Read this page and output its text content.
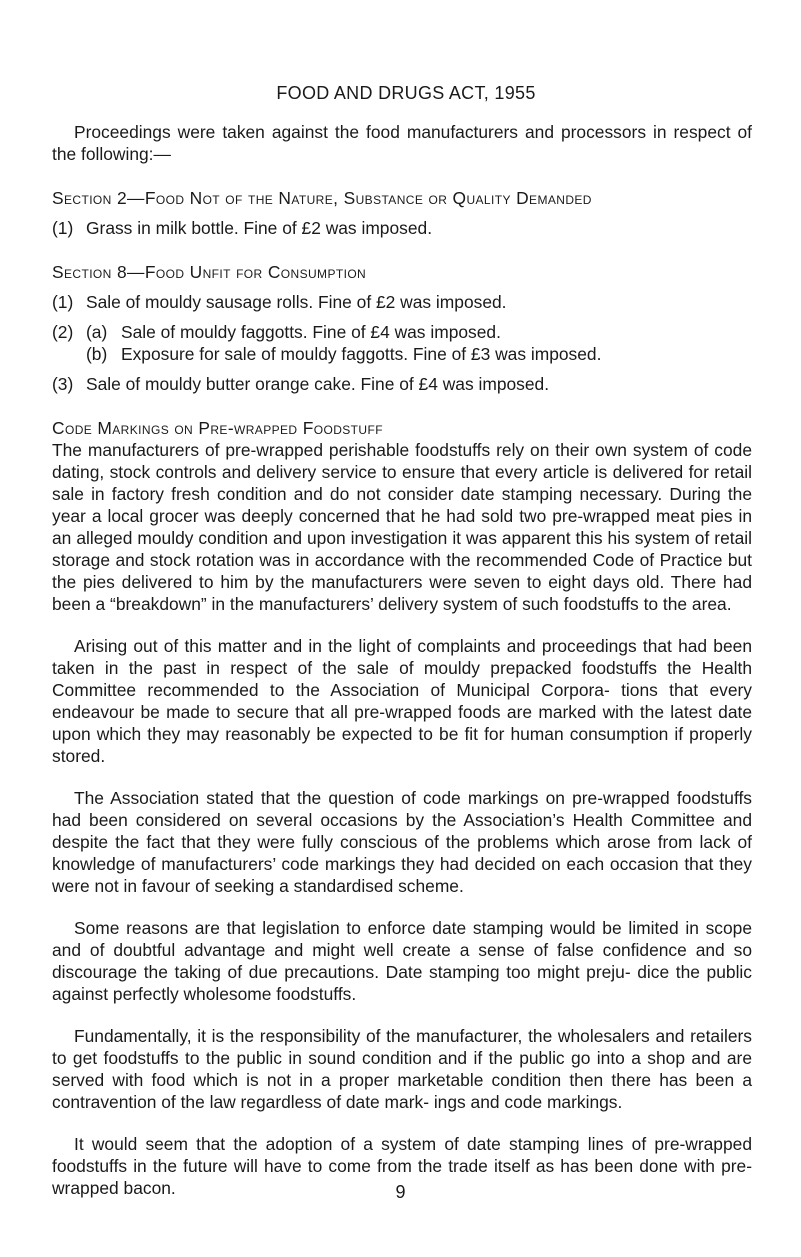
FOOD AND DRUGS ACT, 1955

Proceedings were taken against the food manufacturers and processors in respect of the following:—

Section 2—Food Not of the Nature, Substance or Quality Demanded

(1) Grass in milk bottle. Fine of £2 was imposed.

Section 8—Food Unfit for Consumption

(1) Sale of mouldy sausage rolls. Fine of £2 was imposed.
(2) (a) Sale of mouldy faggotts. Fine of £4 was imposed.
(b) Exposure for sale of mouldy faggotts. Fine of £3 was imposed.
(3) Sale of mouldy butter orange cake. Fine of £4 was imposed.

Code Markings on Pre-wrapped Foodstuff

The manufacturers of pre-wrapped perishable foodstuffs rely on their own system of code dating, stock controls and delivery service to ensure that every article is delivered for retail sale in factory fresh condition and do not consider date stamping necessary. During the year a local grocer was deeply concerned that he had sold two pre-wrapped meat pies in an alleged mouldy condition and upon investigation it was apparent this his system of retail storage and stock rotation was in accordance with the recommended Code of Practice but the pies delivered to him by the manufacturers were seven to eight days old. There had been a “breakdown” in the manufacturers’ delivery system of such foodstuffs to the area.

Arising out of this matter and in the light of complaints and proceedings that had been taken in the past in respect of the sale of mouldy prepacked foodstuffs the Health Committee recommended to the Association of Municipal Corpora- tions that every endeavour be made to secure that all pre-wrapped foods are marked with the latest date upon which they may reasonably be expected to be fit for human consumption if properly stored.

The Association stated that the question of code markings on pre-wrapped foodstuffs had been considered on several occasions by the Association’s Health Committee and despite the fact that they were fully conscious of the problems which arose from lack of knowledge of manufacturers’ code markings they had decided on each occasion that they were not in favour of seeking a standardised scheme.

Some reasons are that legislation to enforce date stamping would be limited in scope and of doubtful advantage and might well create a sense of false confidence and so discourage the taking of due precautions. Date stamping too might preju- dice the public against perfectly wholesome foodstuffs.

Fundamentally, it is the responsibility of the manufacturer, the wholesalers and retailers to get foodstuffs to the public in sound condition and if the public go into a shop and are served with food which is not in a proper marketable condition then there has been a contravention of the law regardless of date mark- ings and code markings.

It would seem that the adoption of a system of date stamping lines of pre-wrapped foodstuffs in the future will have to come from the trade itself as has been done with pre-wrapped bacon.	9
